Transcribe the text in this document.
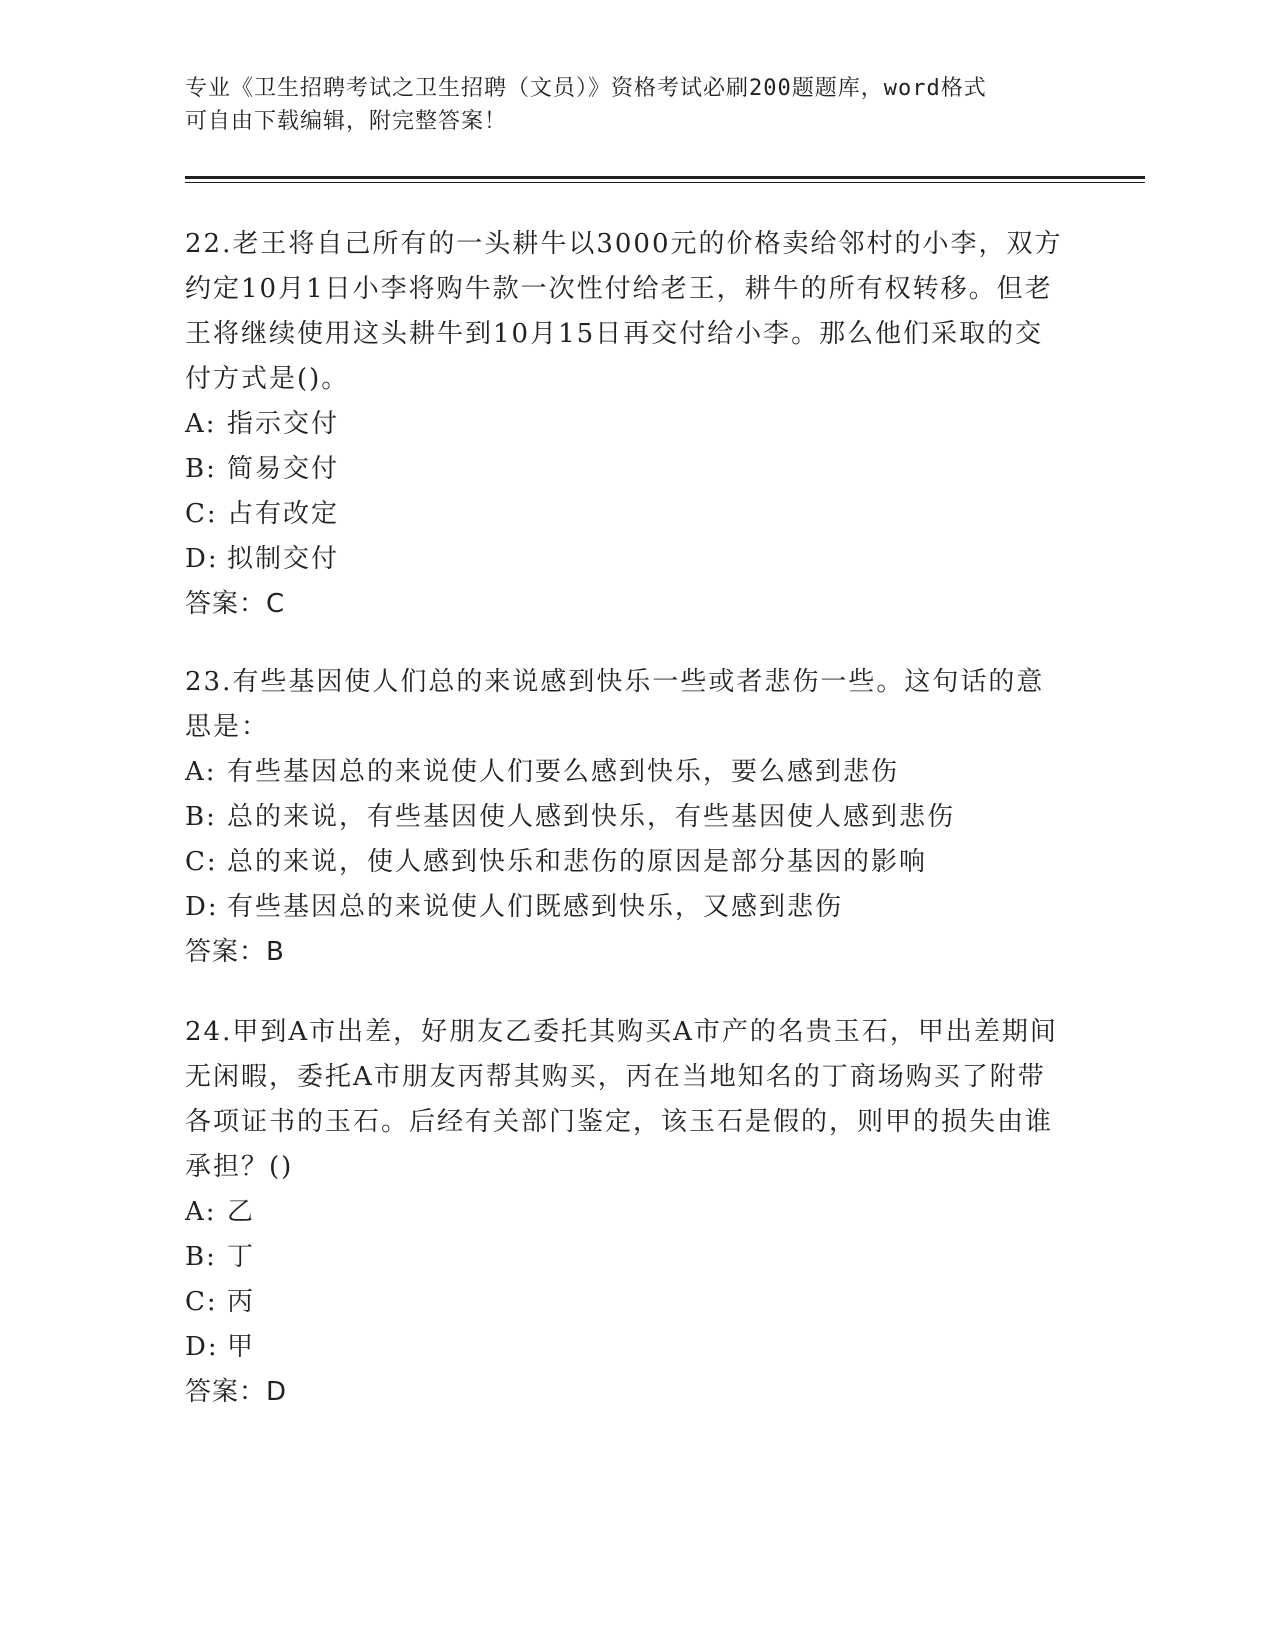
专业《卫生招聘考试之卫生招聘（文员）》资格考试必刷200题题库，word格式
可自由下载编辑，附完整答案！

22.老王将自己所有的一头耕牛以3000元的价格卖给邻村的小李，双方约定10月1日小李将购牛款一次性付给老王，耕牛的所有权转移。但老王将继续使用这头耕牛到10月15日再交付给小李。那么他们采取的交付方式是()。

A: 指示交付

B: 简易交付

C: 占有改定

D: 拟制交付

答案：C

23.有些基因使人们总的来说感到快乐一些或者悲伤一些。这句话的意思是：

A: 有些基因总的来说使人们要么感到快乐，要么感到悲伤

B: 总的来说，有些基因使人感到快乐，有些基因使人感到悲伤

C: 总的来说，使人感到快乐和悲伤的原因是部分基因的影响

D: 有些基因总的来说使人们既感到快乐，又感到悲伤

答案：B

24.甲到A市出差，好朋友乙委托其购买A市产的名贵玉石，甲出差期间无闲暇，委托A市朋友丙帮其购买，丙在当地知名的丁商场购买了附带各项证书的玉石。后经有关部门鉴定，该玉石是假的，则甲的损失由谁承担？()

A: 乙

B: 丁

C: 丙

D: 甲

答案：D
